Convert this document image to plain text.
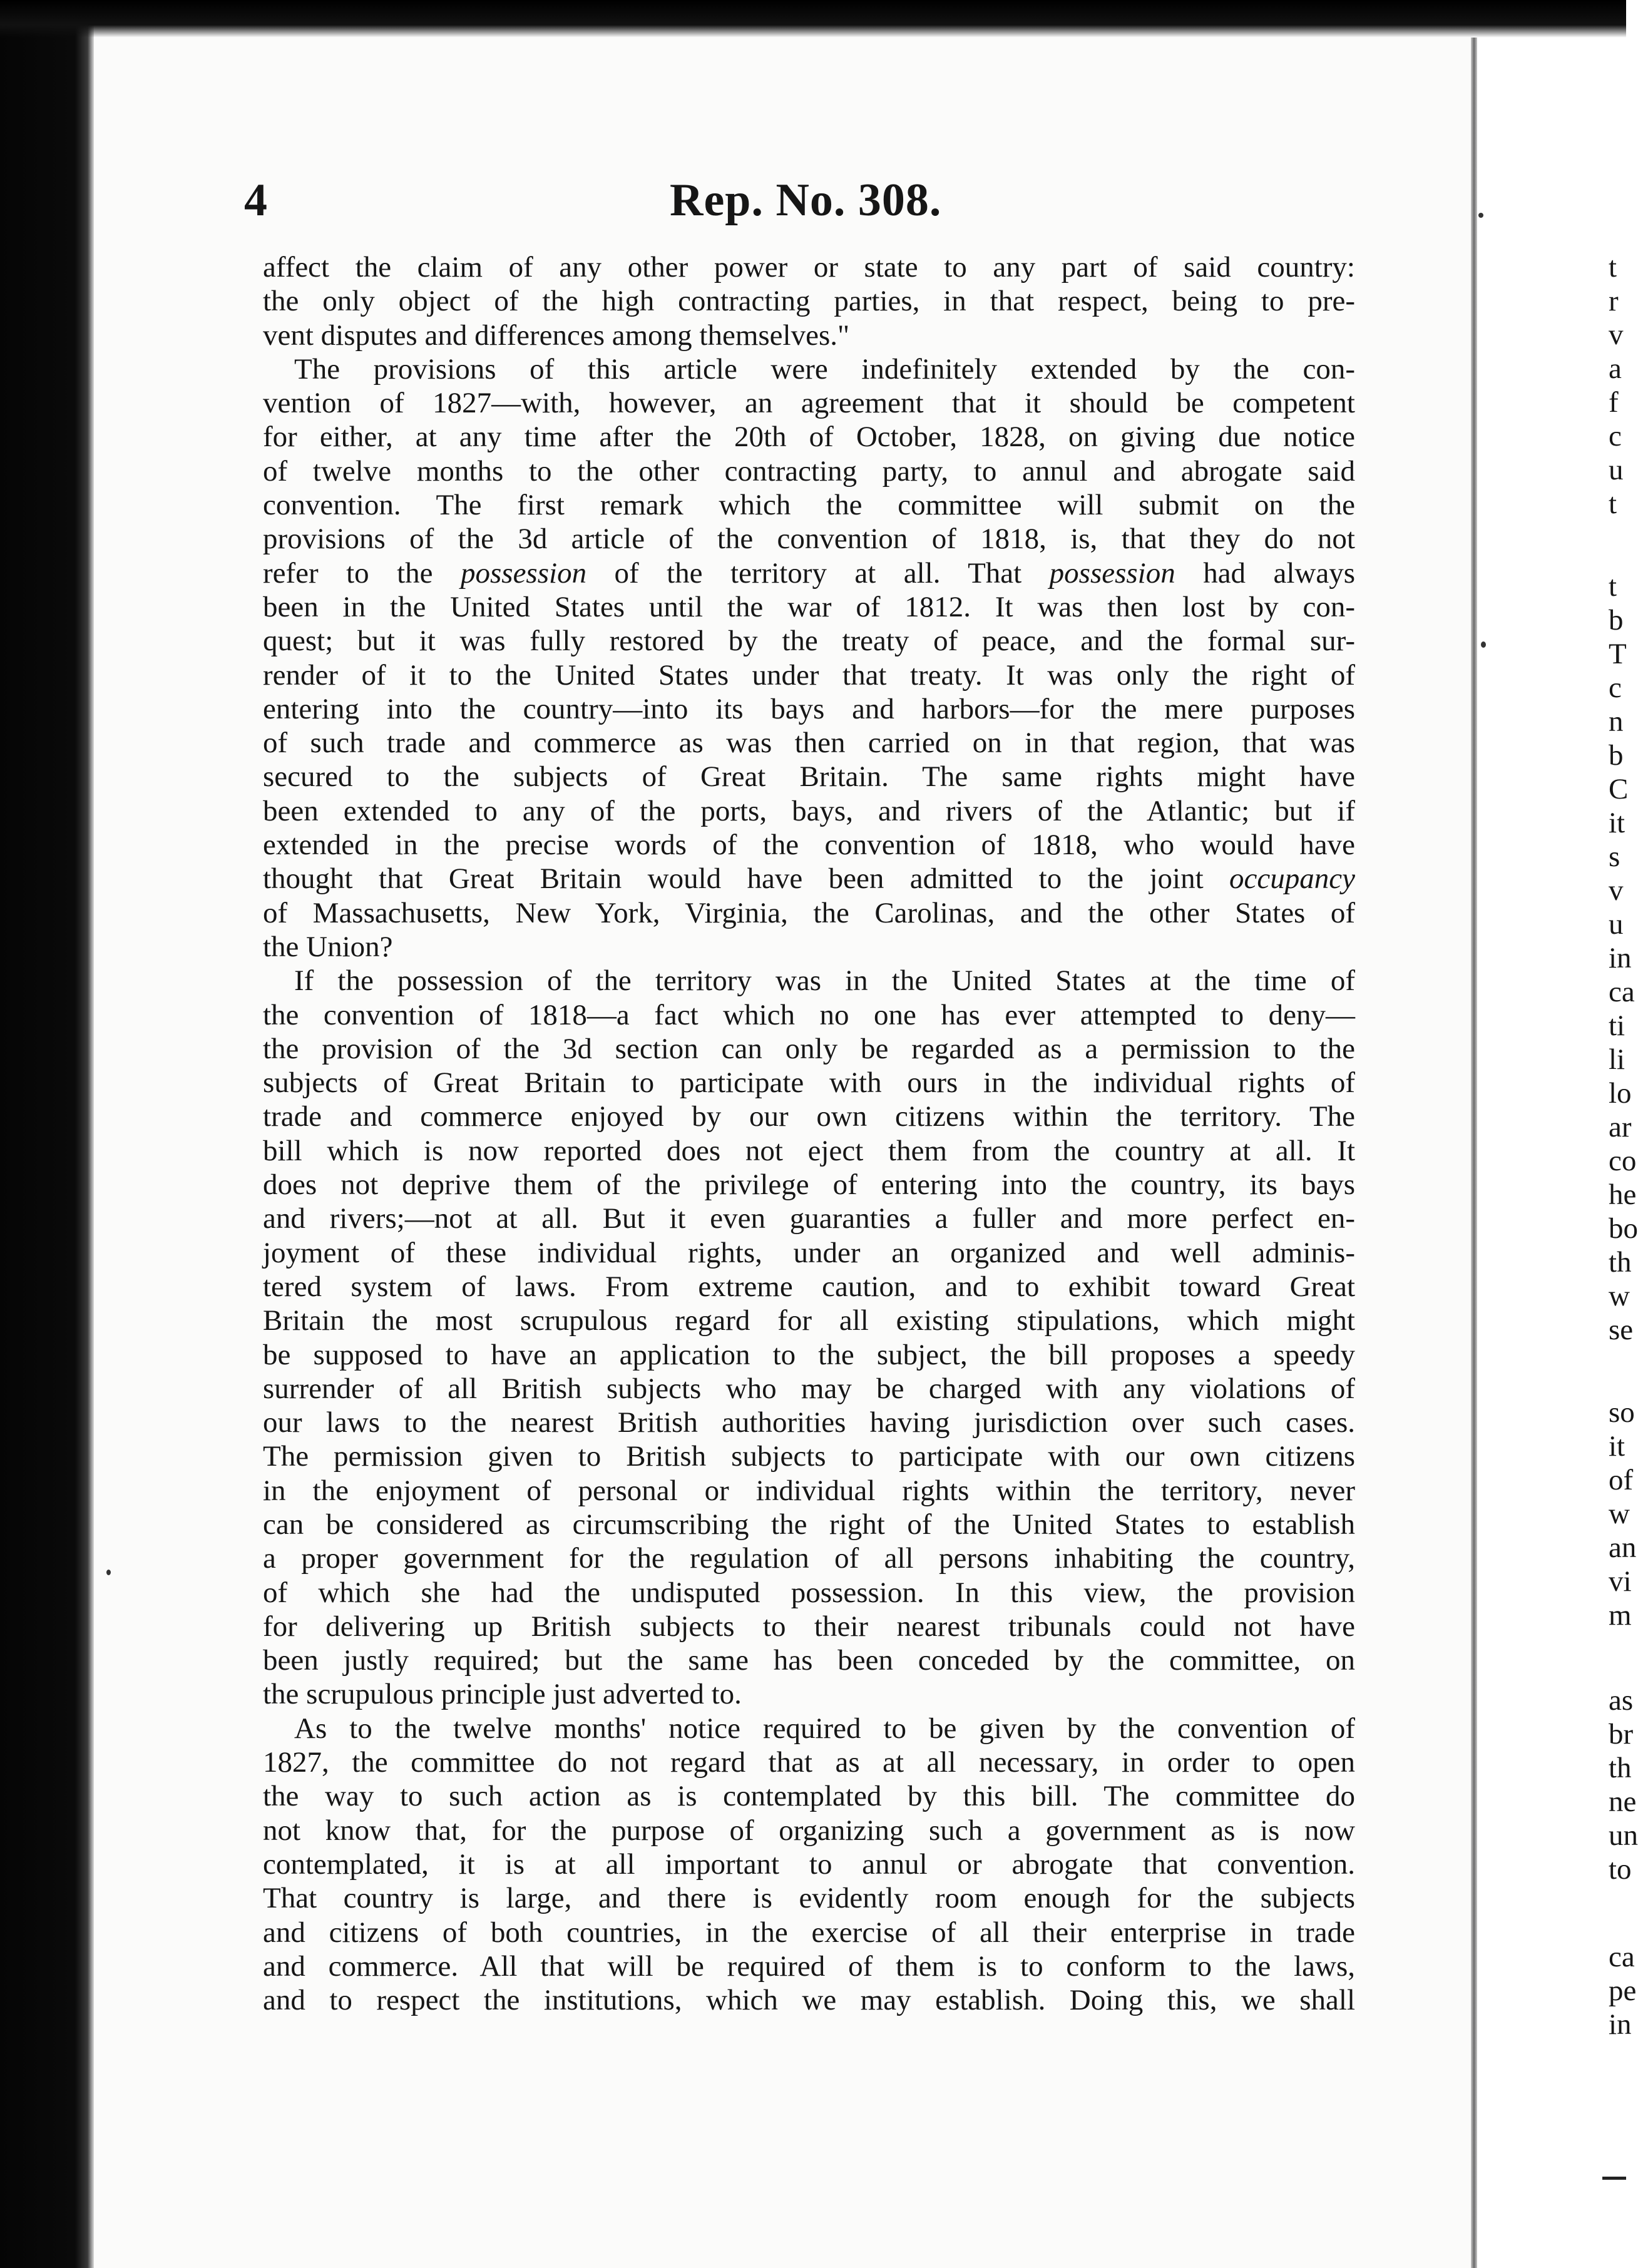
4	Rep. No. 308.
affect the claim of any other power or state to any part of said country:
the only object of the high contracting parties, in that respect, being to pre-
vent disputes and differences among themselves."
The provisions of this article were indefinitely extended by the con-
vention of 1827—with, however, an agreement that it should be competent
for either, at any time after the 20th of October, 1828, on giving due notice
of twelve months to the other contracting party, to annul and abrogate said
convention. The first remark which the committee will submit on the
provisions of the 3d article of the convention of 1818, is, that they do not
refer to the possession of the territory at all. That possession had always
been in the United States until the war of 1812. It was then lost by con-
quest; but it was fully restored by the treaty of peace, and the formal sur-
render of it to the United States under that treaty. It was only the right of
entering into the country—into its bays and harbors—for the mere purposes
of such trade and commerce as was then carried on in that region, that was
secured to the subjects of Great Britain. The same rights might have
been extended to any of the ports, bays, and rivers of the Atlantic; but if
extended in the precise words of the convention of 1818, who would have
thought that Great Britain would have been admitted to the joint occupancy
of Massachusetts, New York, Virginia, the Carolinas, and the other States of
the Union?
If the possession of the territory was in the United States at the time of
the convention of 1818—a fact which no one has ever attempted to deny—
the provision of the 3d section can only be regarded as a permission to the
subjects of Great Britain to participate with ours in the individual rights of
trade and commerce enjoyed by our own citizens within the territory. The
bill which is now reported does not eject them from the country at all. It
does not deprive them of the privilege of entering into the country, its bays
and rivers;—not at all. But it even guaranties a fuller and more perfect en-
joyment of these individual rights, under an organized and well adminis-
tered system of laws. From extreme caution, and to exhibit toward Great
Britain the most scrupulous regard for all existing stipulations, which might
be supposed to have an application to the subject, the bill proposes a speedy
surrender of all British subjects who may be charged with any violations of
our laws to the nearest British authorities having jurisdiction over such cases.
The permission given to British subjects to participate with our own citizens
in the enjoyment of personal or individual rights within the territory, never
can be considered as circumscribing the right of the United States to establish
a proper government for the regulation of all persons inhabiting the country,
of which she had the undisputed possession. In this view, the provision
for delivering up British subjects to their nearest tribunals could not have
been justly required; but the same has been conceded by the committee, on
the scrupulous principle just adverted to.
As to the twelve months' notice required to be given by the convention of
1827, the committee do not regard that as at all necessary, in order to open
the way to such action as is contemplated by this bill. The committee do
not know that, for the purpose of organizing such a government as is now
contemplated, it is at all important to annul or abrogate that convention.
That country is large, and there is evidently room enough for the subjects
and citizens of both countries, in the exercise of all their enterprise in trade
and commerce. All that will be required of them is to conform to the laws,
and to respect the institutions, which we may establish. Doing this, we shall
t
r
v
a
f
c
u
t
t
b
T
c
n
b
C
it
s
v
u
in
ca
ti
li
lo
ar
co
he
bo
th
w
se
so
it
of
w
an
vi
m
as
br
th
ne
un
to
ca
pe
in
